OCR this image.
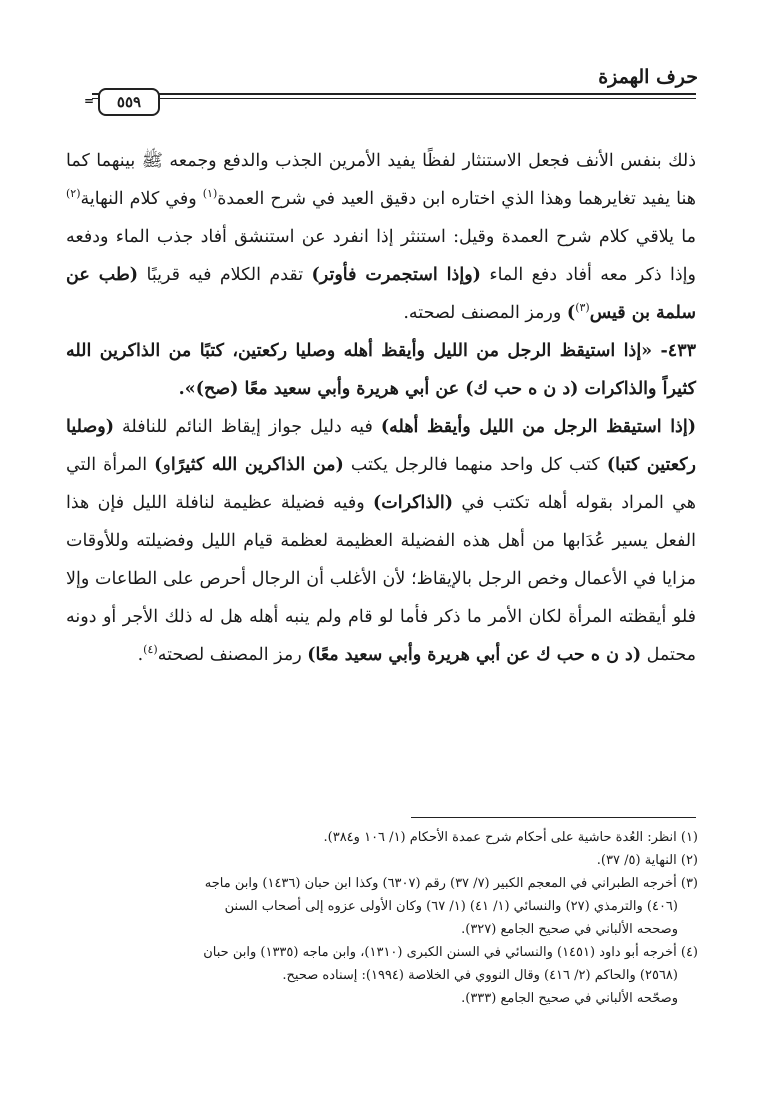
حرف الهمزة
=	٥٥٩

ذلك بنفس الأنف فجعل الاستنثار لفظًا يفيد الأمرين الجذب والدفع وجمعه ﷺ بينهما كما هنا يفيد تغايرهما وهذا الذي اختاره ابن دقيق العيد في شرح العمدة$^{(١)}$ وفي كلام النهاية$^{(٢)}$ ما يلاقي كلام شرح العمدة وقيل: استنثر إذا انفرد عن استنشق أفاد جذب الماء ودفعه وإذا ذكر معه أفاد دفع الماء (وإذا استجمرت فأوتر) تقدم الكلام فيه قريبًا (طب عن سلمة بن قيس$^{(٣)}$) ورمز المصنف لصحته.

٤٣٣- «إذا استيقظ الرجل من الليل وأيقظ أهله وصليا ركعتين، كتبًا من الذاكرين الله كثيراً والذاكرات (د ن ه حب ك) عن أبي هريرة وأبي سعيد معًا (صح)».

(إذا استيقظ الرجل من الليل وأيقظ أهله) فيه دليل جواز إيقاظ النائم للنافلة (وصليا ركعتين كتبا) كتب كل واحد منهما فالرجل يكتب (من الذاكرين الله كثيرًاو) المرأة التي هي المراد بقوله أهله تكتب في (الذاكرات) وفيه فضيلة عظيمة لنافلة الليل فإن هذا الفعل يسير عُدَابها من أهل هذه الفضيلة العظيمة لعظمة قيام الليل وفضيلته وللأوقات مزايا في الأعمال وخص الرجل بالإيقاظ؛ لأن الأغلب أن الرجال أحرص على الطاعات وإلا فلو أيقظته المرأة لكان الأمر ما ذكر فأما لو قام ولم ينبه أهله هل له ذلك الأجر أو دونه محتمل (د ن ه حب ك عن أبي هريرة وأبي سعيد معًا) رمز المصنف لصحته$^{(٤)}$.

(١) انظر: العُدة حاشية على أحكام شرح عمدة الأحكام (١/ ١٠٦ و٣٨٤).

(٢) النهاية (٥/ ٣٧).

(٣) أخرجه الطبراني في المعجم الكبير (٧/ ٣٧) رقم (٦٣٠٧) وكذا ابن حبان (١٤٣٦) وابن ماجه

(٤٠٦) والترمذي (٢٧) والنسائي (١/ ٤١) (١/ ٦٧) وكان الأولى عزوه إلى أصحاب السنن

وصححه الألباني في صحيح الجامع (٣٢٧).

(٤) أخرجه أبو داود (١٤٥١) والنسائي في السنن الكبرى (١٣١٠)، وابن ماجه (١٣٣٥) وابن حبان

(٢٥٦٨) والحاكم (٢/ ٤١٦) وقال النووي في الخلاصة (١٩٩٤): إسناده صحيح.

وصحّحه الألباني في صحيح الجامع (٣٣٣).
